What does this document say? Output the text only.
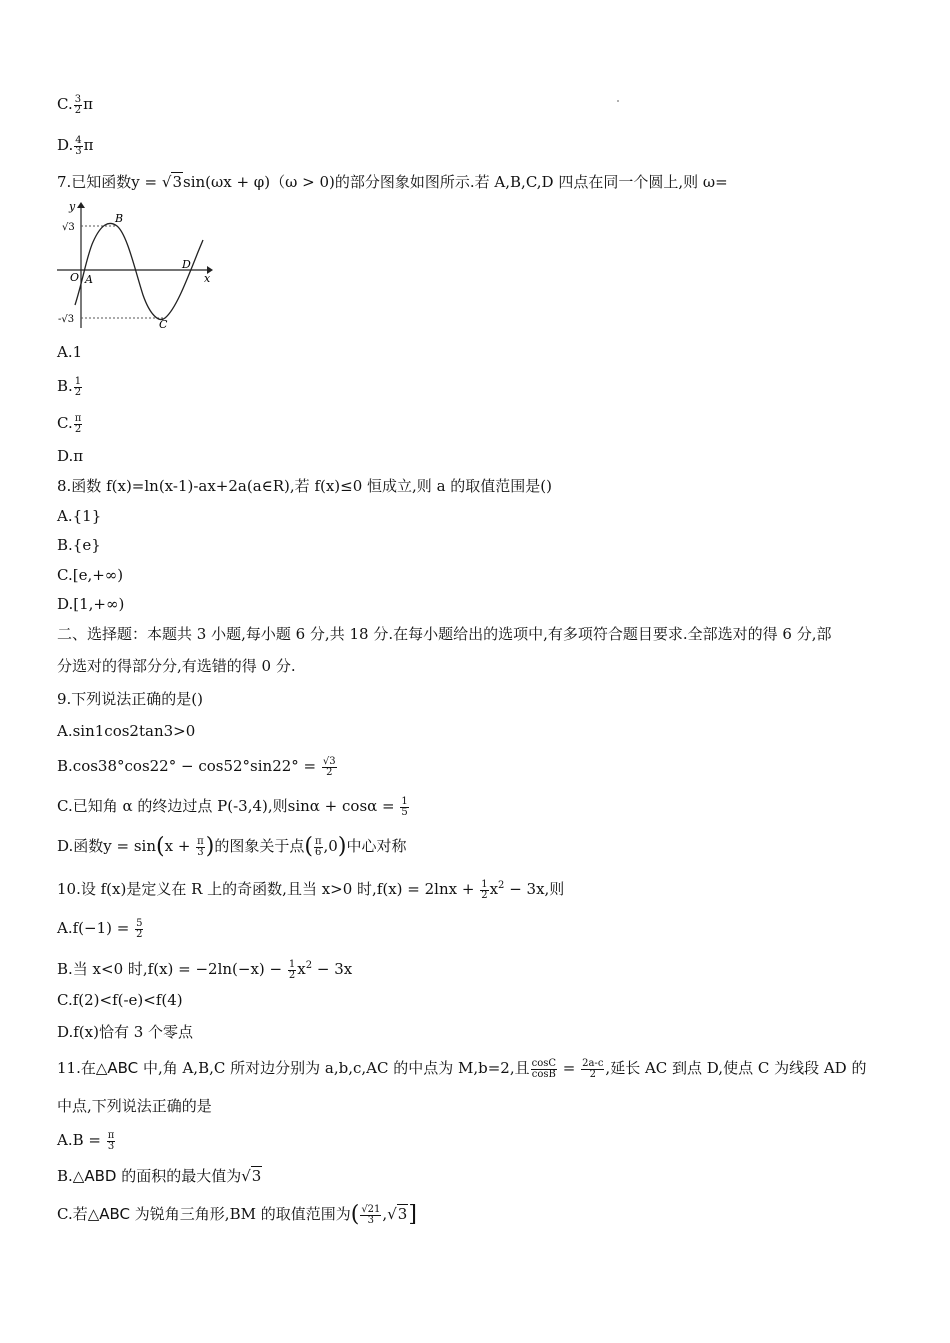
C. $\frac{3}{2}$ π
D. $\frac{4}{3}$ π
7.已知函数y = √3sin(ωx + φ)（ω > 0)的部分图象如图所示.若 A,B,C,D 四点在同一个圆上,则 ω=
y
x
O A
B
C
D
√3
-√3
A.1
B. $\frac{1}{2}$
C. $\frac{\pi}{2}$
D.π
8.函数 f(x)=ln(x-1)-ax+2a(a∈R),若 f(x)≤0 恒成立,则 a 的取值范围是()
A.{1}
B.{e}
C.[e,+∞)
D.[1,+∞)
二、选择题：本题共 3 小题,每小题 6 分,共 18 分.在每小题给出的选项中,有多项符合题目要求.全部选对的得 6 分,部
分选对的得部分分,有选错的得 0 分.
9.下列说法正确的是()
A.sin1cos2tan3>0
$B.\cos 38^\circ\cos 22^\circ - \cos 52^\circ\sin 22^\circ = \frac{√3}{2}$
C.已知角 α 的终边过点 P(-3,4),则$\sin\alpha + \cos\alpha = \frac{1}{5}$
D.函数$y = \sin(x + \frac{\pi}{3}$ )的图象关于点( $\frac{\pi}{6} ,0$)中心对称
10.设 f(x)是定义在 R 上的奇函数,且当 x>0 时$,f(x) = 2\ln x + \frac{1}{2} x^2 - 3x$,则
$A.f(-1) = \frac{5}{2}$
B.当 x<0 时$,f(x) = -2\ln(-x) - \frac{1}{2} x^2 - 3x$
C.f(2)<f(-e)<f(4)
D.f(x)恰有 3 个零点
11.在△ABC 中,角 A,B,C 所对边分别为 a,b,c,AC 的中点为 M,b=2,且 $\frac{\cos C}{\cos B} = \frac{2a-c}{2}$ ,延长 AC 到点 D,使点 C 为线段 AD 的
中点,下列说法正确的是
$A.B = \frac{\pi}{3}$
B.△ABD 的面积的最大值为√3
C.若△ABC 为锐角三角形,BM 的取值范围为( $\frac{√21}{3} ,√3$]
